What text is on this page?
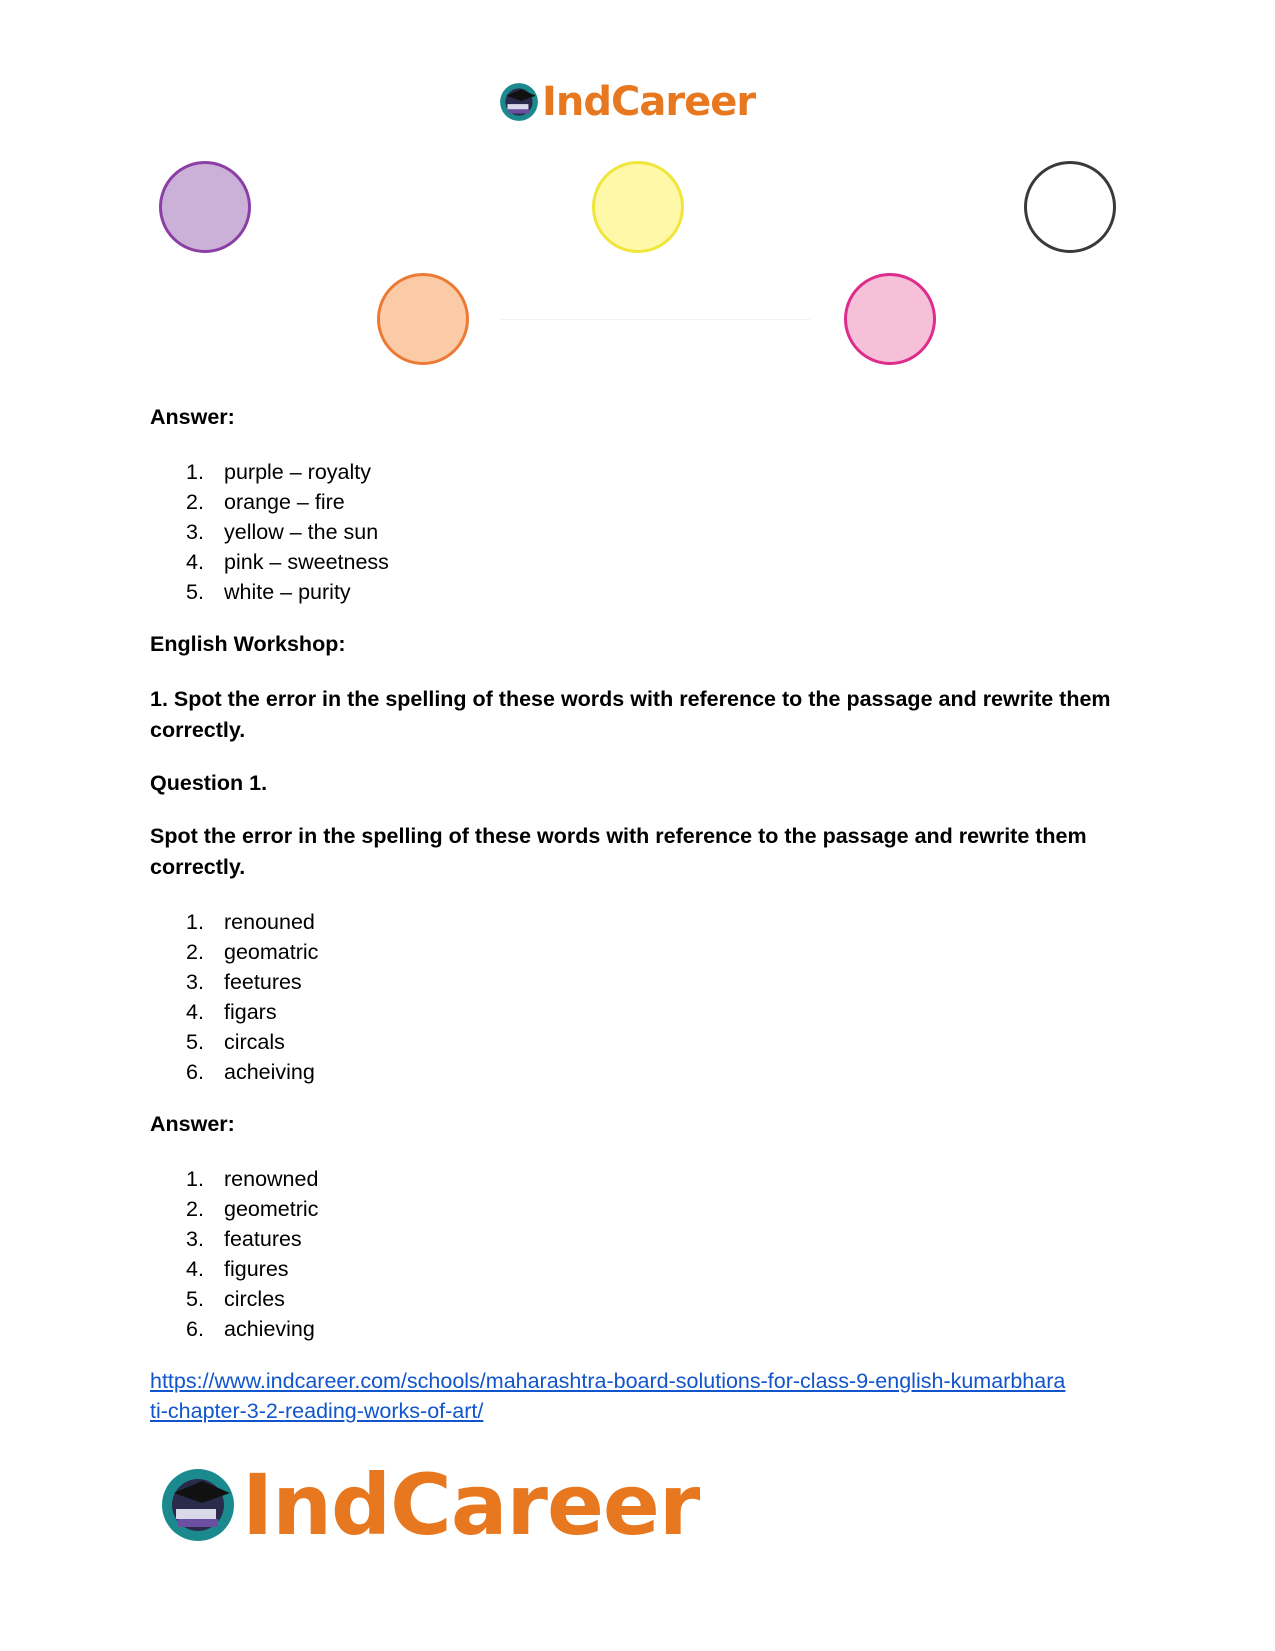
IndCareer

Answer:

1. purple – royalty
2. orange – fire
3. yellow – the sun
4. pink – sweetness
5. white – purity

English Workshop:

1. Spot the error in the spelling of these words with reference to the passage and rewrite them correctly.

Question 1.

Spot the error in the spelling of these words with reference to the passage and rewrite them correctly.

1. renouned
2. geomatric
3. feetures
4. figars
5. circals
6. acheiving

Answer:

1. renowned
2. geometric
3. features
4. figures
5. circles
6. achieving
https://www.indcareer.com/schools/maharashtra-board-solutions-for-class-9-english-kumarbhara
ti-chapter-3-2-reading-works-of-art/
IndCareer
